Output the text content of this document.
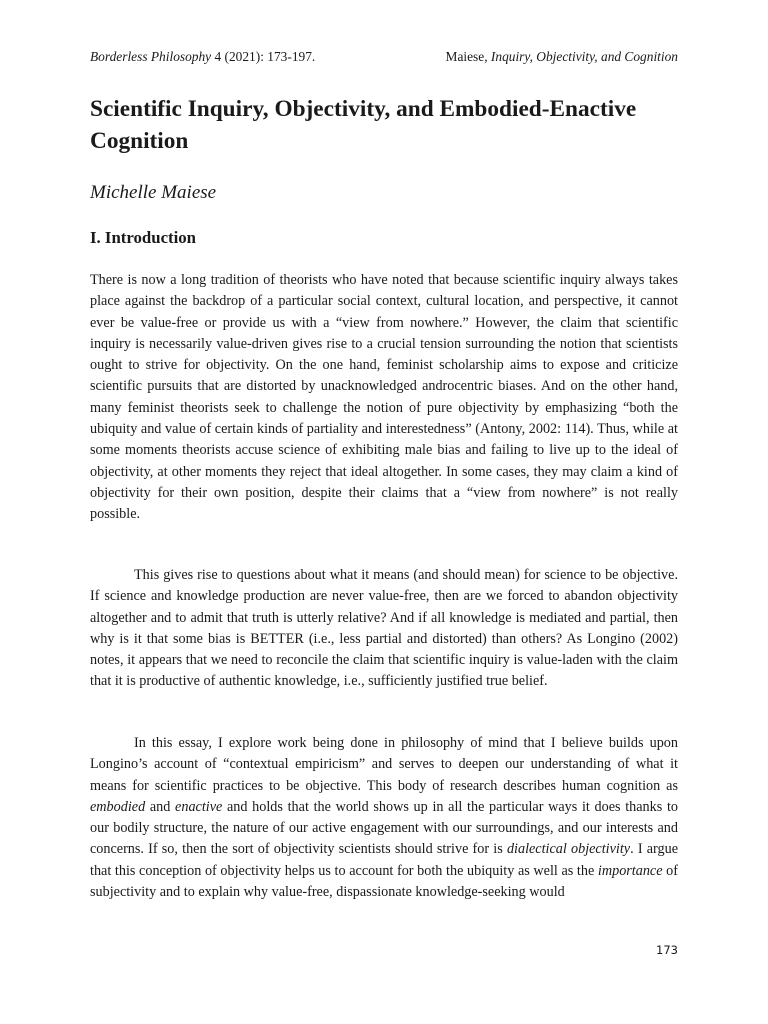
Borderless Philosophy 4 (2021): 173-197.	Maiese, Inquiry, Objectivity, and Cognition
Scientific Inquiry, Objectivity, and Embodied-Enactive Cognition
Michelle Maiese
I. Introduction

There is now a long tradition of theorists who have noted that because scientific inquiry always takes place against the backdrop of a particular social context, cultural location, and perspective, it cannot ever be value-free or provide us with a “view from nowhere.” However, the claim that scientific inquiry is necessarily value-driven gives rise to a crucial tension surrounding the notion that scientists ought to strive for objectivity. On the one hand, feminist scholarship aims to expose and criticize scientific pursuits that are distorted by unacknowledged androcentric biases. And on the other hand, many feminist theorists seek to challenge the notion of pure objectivity by emphasizing “both the ubiquity and value of certain kinds of partiality and interestedness” (Antony, 2002: 114). Thus, while at some moments theorists accuse science of exhibiting male bias and failing to live up to the ideal of objectivity, at other moments they reject that ideal altogether. In some cases, they may claim a kind of objectivity for their own position, despite their claims that a “view from nowhere” is not really possible.

This gives rise to questions about what it means (and should mean) for science to be objective. If science and knowledge production are never value-free, then are we forced to abandon objectivity altogether and to admit that truth is utterly relative? And if all knowledge is mediated and partial, then why is it that some bias is BETTER (i.e., less partial and distorted) than others? As Longino (2002) notes, it appears that we need to reconcile the claim that scientific inquiry is value-laden with the claim that it is productive of authentic knowledge, i.e., sufficiently justified true belief.

In this essay, I explore work being done in philosophy of mind that I believe builds upon Longino’s account of “contextual empiricism” and serves to deepen our understanding of what it means for scientific practices to be objective. This body of research describes human cognition as embodied and enactive and holds that the world shows up in all the particular ways it does thanks to our bodily structure, the nature of our active engagement with our surroundings, and our interests and concerns. If so, then the sort of objectivity scientists should strive for is dialectical objectivity. I argue that this conception of objectivity helps us to account for both the ubiquity as well as the importance of subjectivity and to explain why value-free, dispassionate knowledge-seeking would

173
